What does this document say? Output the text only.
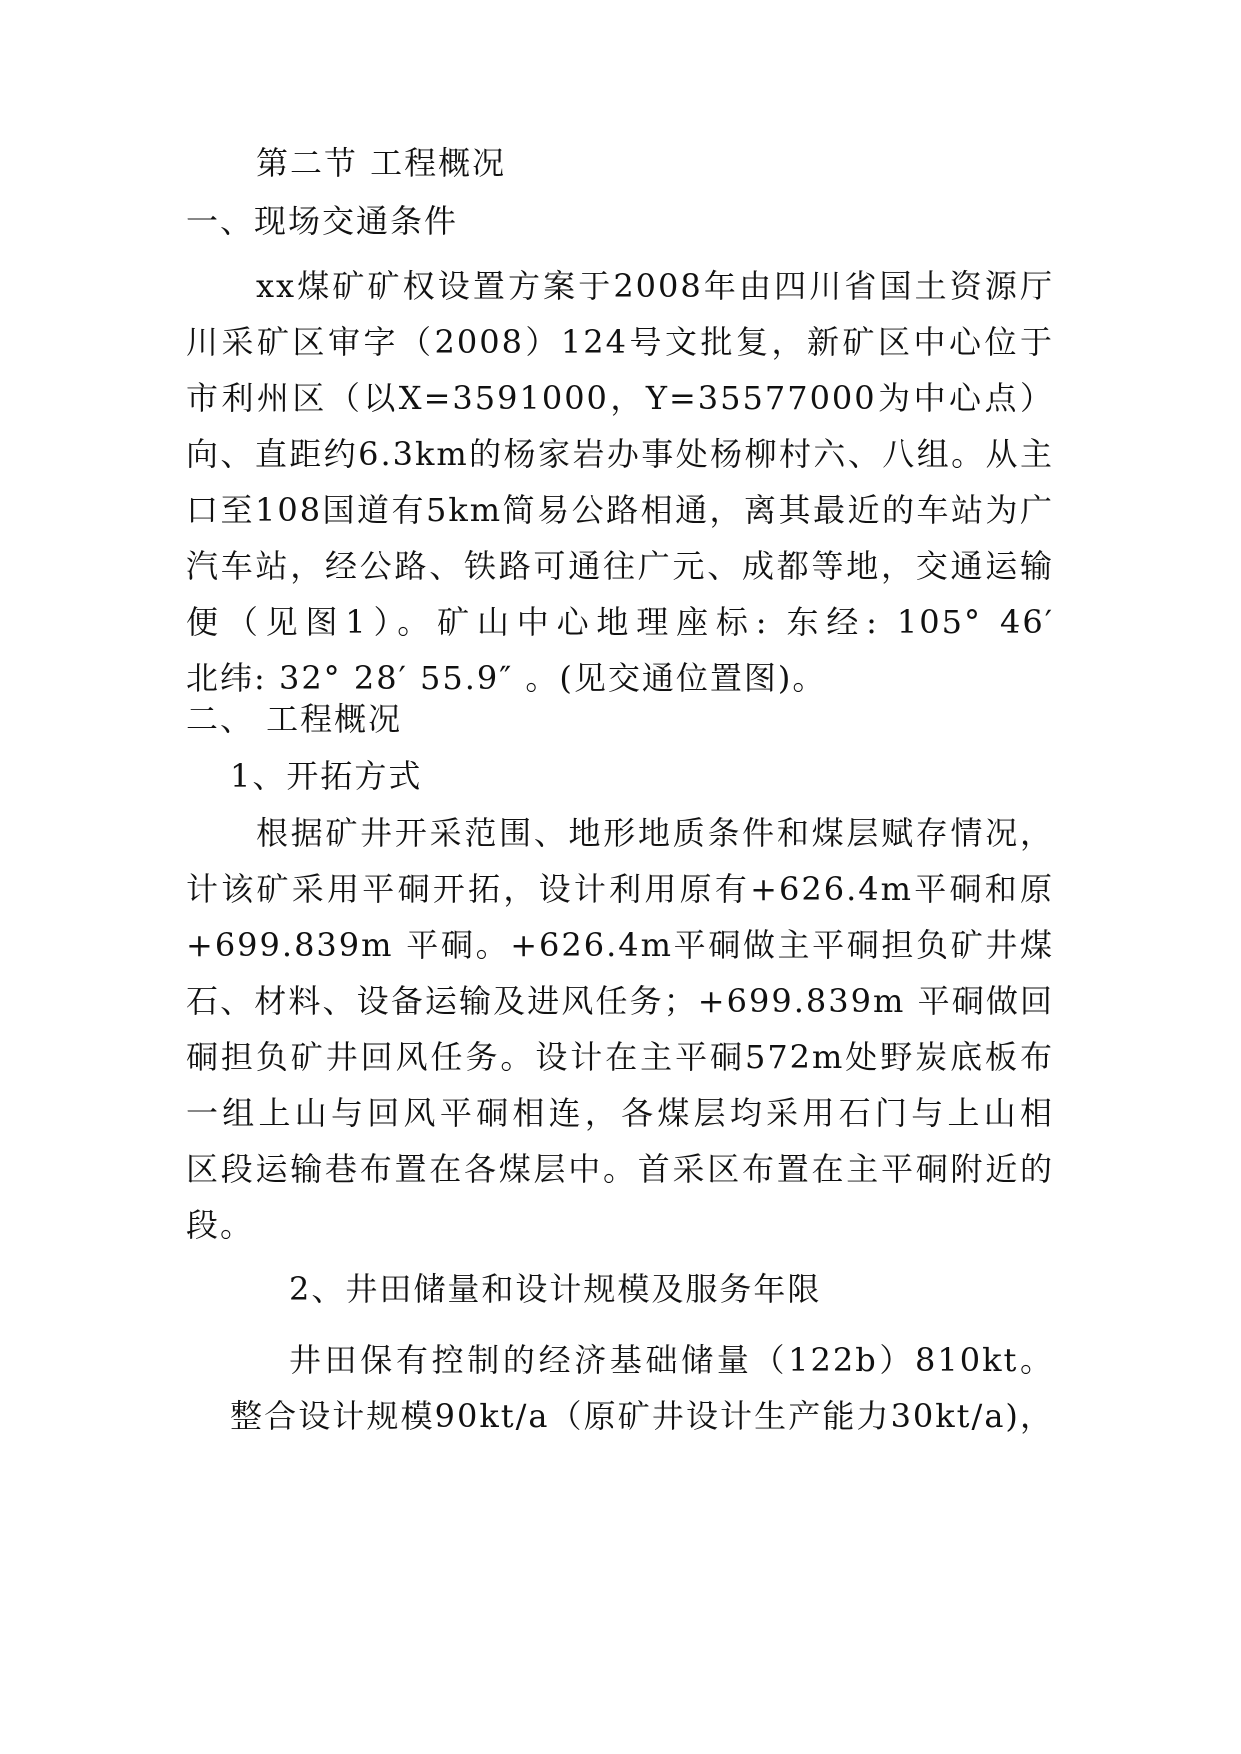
第二节 工程概况
一、现场交通条件
xx煤矿矿权设置方案于2008年由四川省国土资源厅
川采矿区审字（2008）124号文批复，新矿区中心位于
市利州区（以X=3591000，Y=35577000为中心点）
向、直距约6.3km的杨家岩办事处杨柳村六、八组。从主
口至108国道有5km简易公路相通，离其最近的车站为广
汽车站，经公路、铁路可通往广元、成都等地，交通运输
便（见图1）。矿山中心地理座标: 东经: 105° 46′
北纬: 32° 28′ 55.9″ 。(见交通位置图)。
二、 工程概况
1、开拓方式
根据矿井开采范围、地形地质条件和煤层赋存情况，
计该矿采用平硐开拓，设计利用原有+626.4m平硐和原
+699.839m 平硐。+626.4m平硐做主平硐担负矿井煤
石、材料、设备运输及进风任务；+699.839m 平硐做回
硐担负矿井回风任务。设计在主平硐572m处野炭底板布
一组上山与回风平硐相连，各煤层均采用石门与上山相
区段运输巷布置在各煤层中。首采区布置在主平硐附近的
段。
2、井田储量和设计规模及服务年限
井田保有控制的经济基础储量（122b）810kt。
整合设计规模90kt/a（原矿井设计生产能力30kt/a)，
